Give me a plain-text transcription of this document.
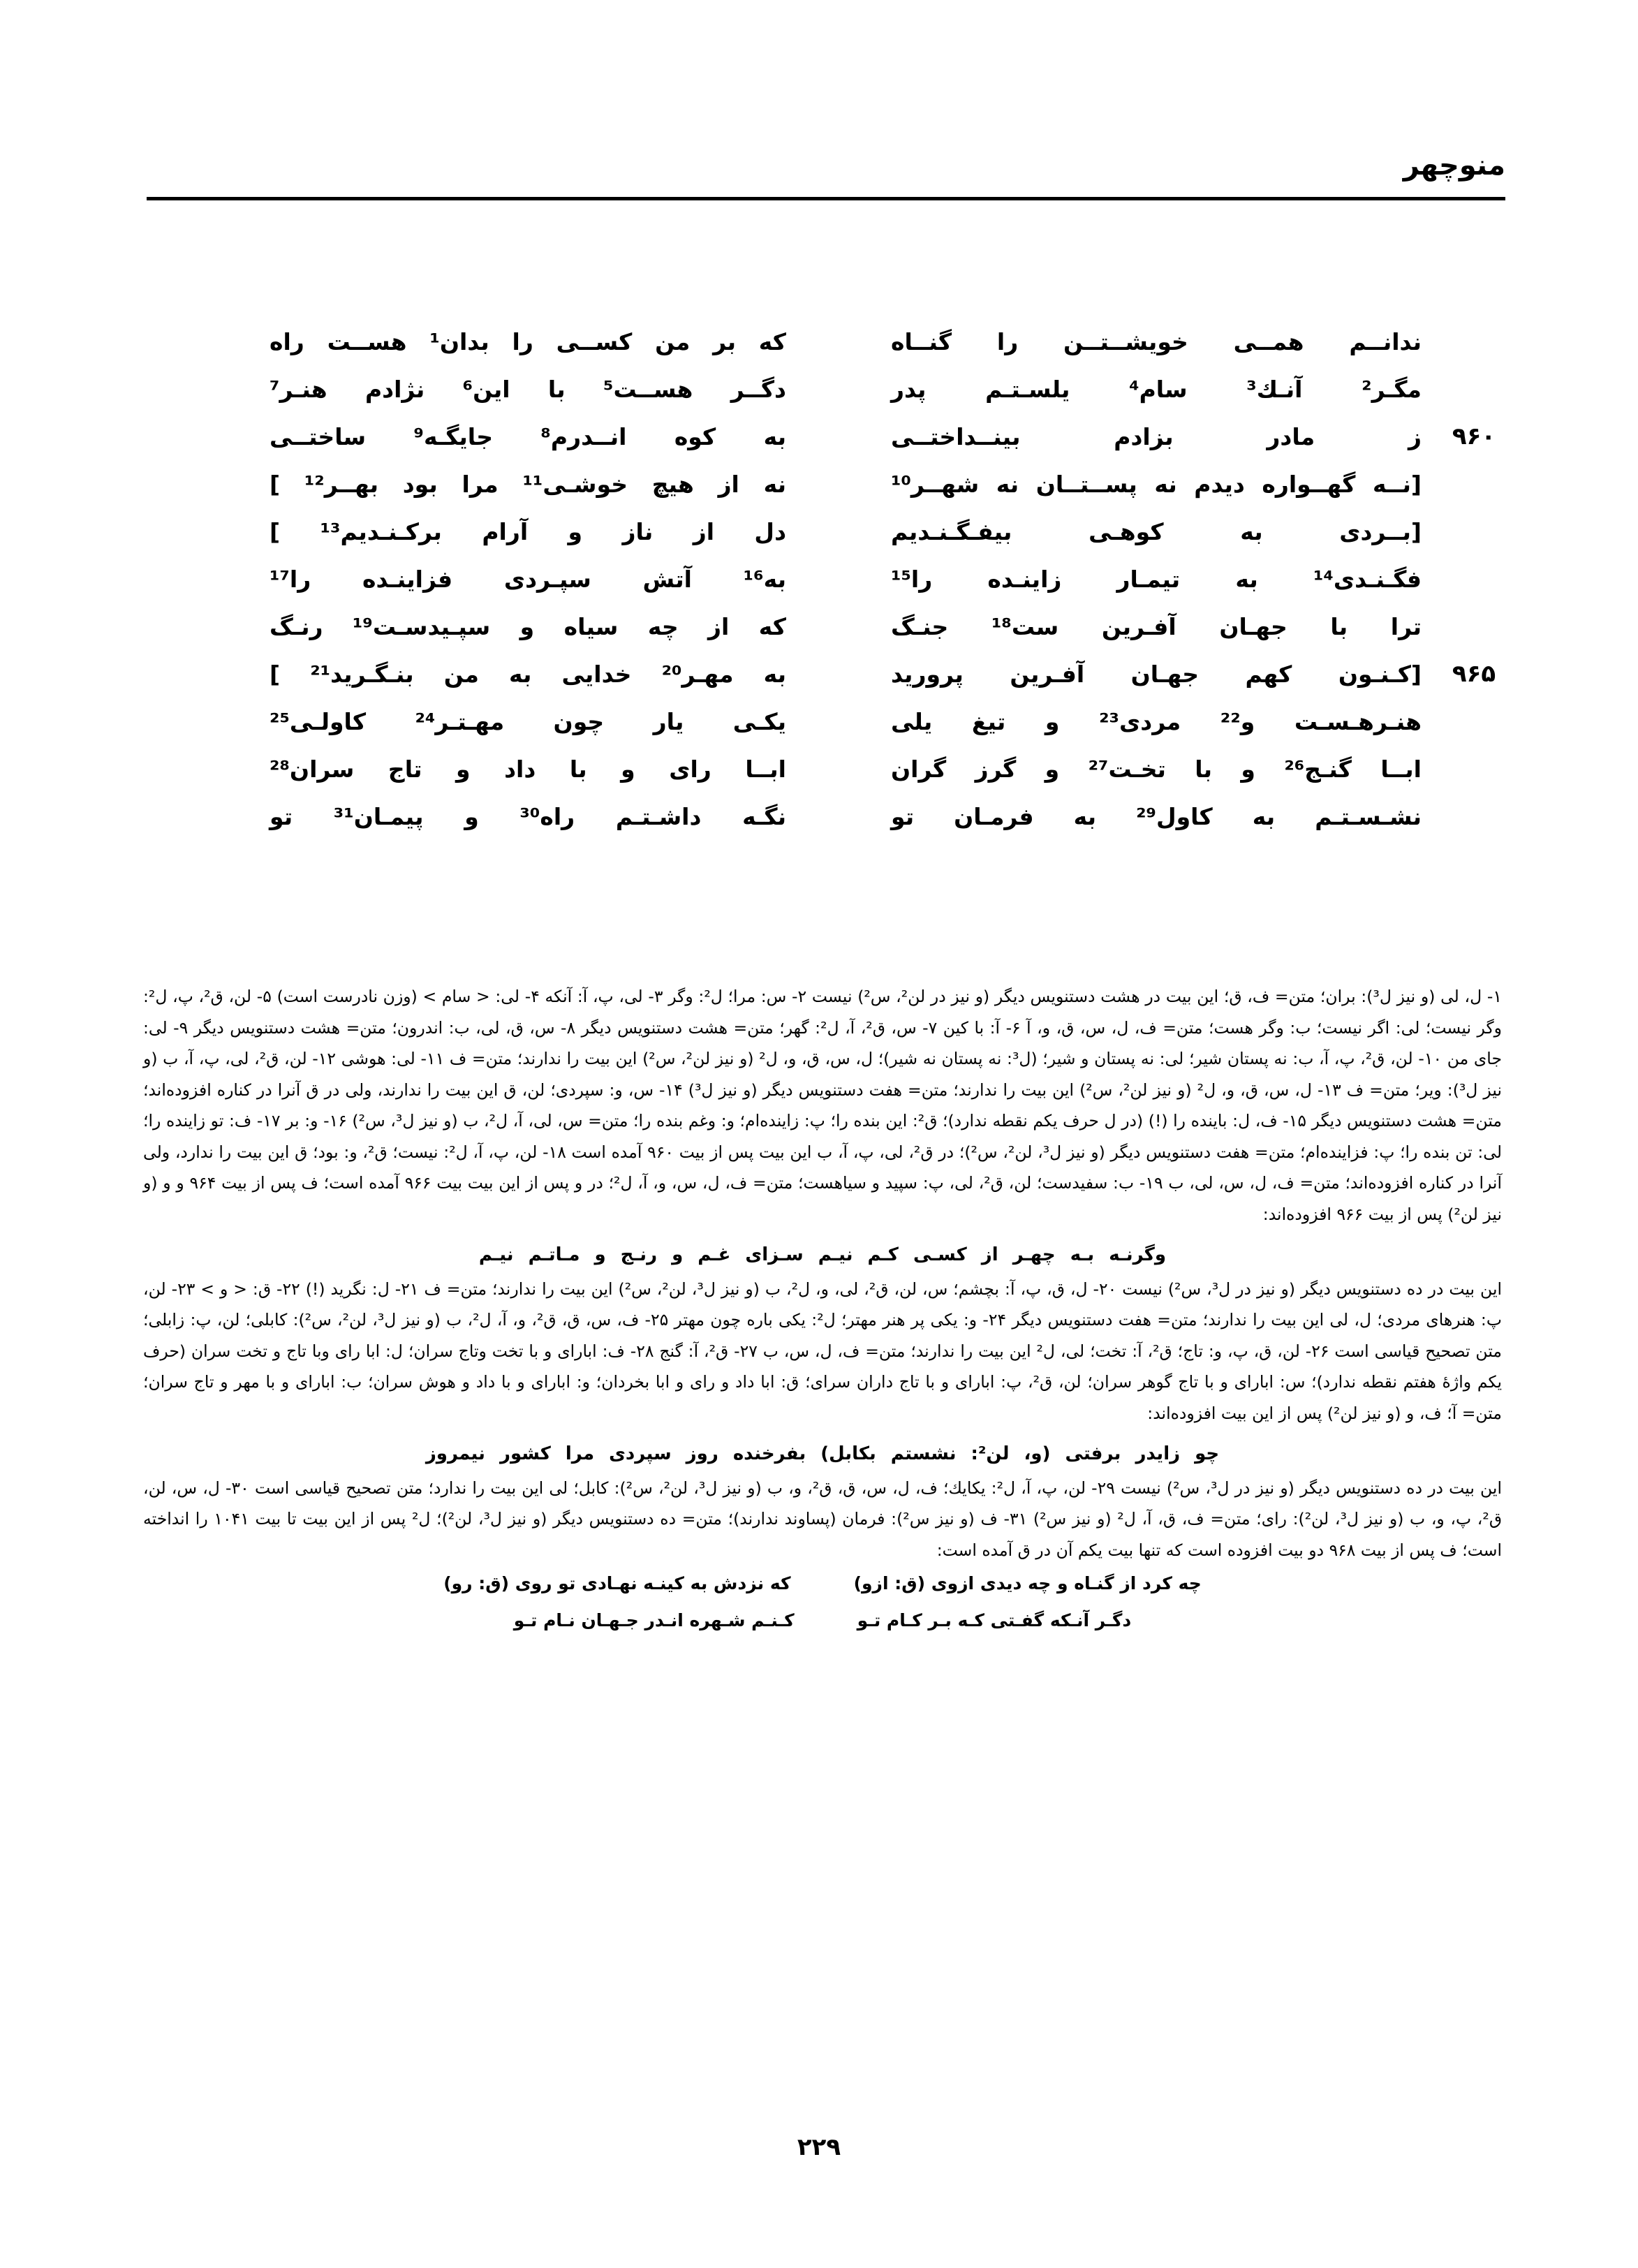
منوچهر
ندانــم همــی خویشــتــن را گنــاه
که بر من کســی را بدان¹ هســت راه
مگـر² آنـك³ سام⁴ یلسـتـم پدر
دگــر هســت⁵ با این⁶ نژادم هنـر⁷
۹۶۰
ز مادر بزادم بینــداختــی
به کوه انــدرم⁸ جایگـه⁹ ساختــی
[نــه گهــواره دیدم نه پســتــان نه شهــر¹⁰
نه از هیچ خوشـی¹¹ مرا بود بهــر¹² ]
[بــردی به کوهـی بیفـگـنـدیم
دل از ناز و آرام برکـنـدیم¹³ ]
فگـنـدی¹⁴ به تیمـار زاینـده را¹⁵
به¹⁶ آتش سپـردی فزاینـده را¹⁷
ترا با جهـان آفـرین ست¹⁸ جنـگ
که از چه سیاه و سپـیدسـت¹⁹ رنـگ
۹۶۵
[کـنـون کهم جهـان آفـرین پرورید
به مهـر²⁰ خدایی به من بنـگـرید²¹ ]
هنـرهـسـت و²² مردی²³ و تیغ یلی
یکـی یار چون مهـتـر²⁴ کاولـی²⁵
ابــا گنـج²⁶ و با تخـت²⁷ و گرز گران
ابــا رای و با داد و تاج سران²⁸
نشـسـتـم به کاول²⁹ به فرمـان تو
نگـه داشـتـم راه³⁰ و پیمـان³¹ تو

۱- ل، لی (و نیز ل³): بران؛ متن= ف، ق؛ این بیت در هشت دستنویس دیگر (و نیز در لن²، س²) نیست ۲- س: مرا؛ ل²: وگر ۳- لی، پ، آ: آنکه ۴- لی: < سام > (وزن نادرست است) ۵- لن، ق²، پ، ل²: وگر نیست؛ لی: اگر نیست؛ ب: وگر هست؛ متن= ف، ل، س، ق، و، آ ۶- آ: با کین ۷- س، ق²، آ، ل²: گهر؛ متن= هشت دستنویس دیگر ۸- س، ق، لی، ب: اندرون؛ متن= هشت دستنویس دیگر ۹- لی: جای من ۱۰- لن، ق²، پ، آ، ب: نه پستان شیر؛ لی: نه پستان و شیر؛ (ل³: نه پستان نه شیر)؛ ل، س، ق، و، ل² (و نیز لن²، س²) این بیت را ندارند؛ متن= ف ۱۱- لی: هوشی ۱۲- لن، ق²، لی، پ، آ، ب (و نیز ل³): ویر؛ متن= ف ۱۳- ل، س، ق، و، ل² (و نیز لن²، س²) این بیت را ندارند؛ متن= هفت دستنویس دیگر (و نیز ل³) ۱۴- س، و: سپردی؛ لن، ق این بیت را ندارند، ولی در ق آنرا در کناره افزوده‌اند؛ متن= هشت دستنویس دیگر ۱۵- ف، ل: باینده را (!) (در ل حرف یکم نقطه ندارد)؛ ق²: این بنده را؛ پ: زاینده‌ام؛ و: وغم بنده را؛ متن= س، لی، آ، ل²، ب (و نیز ل³، س²) ۱۶- و: بر ۱۷- ف: تو زاینده را؛ لی: تن بنده را؛ پ: فزاینده‌ام؛ متن= هفت دستنویس دیگر (و نیز ل³، لن²، س²)؛ در ق²، لی، پ، آ، ب این بیت پس از بیت ۹۶۰ آمده است ۱۸- لن، پ، آ، ل²: نیست؛ ق²، و: بود؛ ق این بیت را ندارد، ولی آنرا در کناره افزوده‌اند؛ متن= ف، ل، س، لی، ب ۱۹- ب: سفیدست؛ لن، ق²، لی، پ: سپید و سیاهست؛ متن= ف، ل، س، و، آ، ل²؛ در و پس از این بیت بیت ۹۶۶ آمده است؛ ف پس از بیت ۹۶۴ و و (و نیز لن²) پس از بیت ۹۶۶ افزوده‌اند:

وگرنـه بـه چهـر از کسـی کـم نیـم سـزای غـم و رنـج و مـاتـم نیـم

این بیت در ده دستنویس دیگر (و نیز در ل³، س²) نیست ۲۰- ل، ق، پ، آ: بچشم؛ س، لن، ق²، لی، و، ل²، ب (و نیز ل³، لن²، س²) این بیت را ندارند؛ متن= ف ۲۱- ل: نگرید (!) ۲۲- ق: < و > ۲۳- لن، پ: هنرهای مردی؛ ل، لی این بیت را ندارند؛ متن= هفت دستنویس دیگر ۲۴- و: یکی پر هنر مهتر؛ ل²: یکی باره چون مهتر ۲۵- ف، س، ق، ق²، و، آ، ل²، ب (و نیز ل³، لن²، س²): کابلی؛ لن، پ: زابلی؛ متن تصحیح قیاسی است ۲۶- لن، ق، پ، و: تاج؛ ق²، آ: تخت؛ لی، ل² این بیت را ندارند؛ متن= ف، ل، س، ب ۲۷- ق²، آ: گنج ۲۸- ف: ابارای و با تخت وتاج سران؛ ل: ابا رای وبا تاج و تخت سران (حرف یکم واژهٔ هفتم نقطه ندارد)؛ س: ابارای و با تاج گوهر سران؛ لن، ق²، پ: ابارای و با تاج داران سرای؛ ق: ابا داد و رای و ابا بخردان؛ و: ابارای و با داد و هوش سران؛ ب: ابارای و با مهر و تاج سران؛ متن= آ؛ ف، و (و نیز لن²) پس از این بیت افزوده‌اند:

چو زایدر برفتی (و، لن²: نشستم بکابل) بفرخنده روز سپردی مرا کشور نیمروز

این بیت در ده دستنویس دیگر (و نیز در ل³، س²) نیست ۲۹- لن، پ، آ، ل²: یکایك؛ ف، ل، س، ق، ق²، و، ب (و نیز ل³، لن²، س²): کابل؛ لی این بیت را ندارد؛ متن تصحیح قیاسی است ۳۰- ل، س، لن، ق²، پ، و، ب (و نیز ل³، لن²): رای؛ متن= ف، ق، آ، ل² (و نیز س²) ۳۱- ف (و نیز س²): فرمان (پساوند ندارند)؛ متن= ده دستنویس دیگر (و نیز ل³، لن²)؛ ل² پس از این بیت تا بیت ۱۰۴۱ را انداخته است؛ ف پس از بیت ۹۶۸ دو بیت افزوده است که تنها بیت یکم آن در ق آمده است:

چه کرد از گنـاه و چه دیدی ازوی (ق: ازو)
که نزدش به کینـه نهـادی تو روی (ق: رو)
دگـر آنـکه گفـتی کـه بـر کـام تـو
کـنـم شـهره انـدر جـهـان نـام تـو
۲۲۹
